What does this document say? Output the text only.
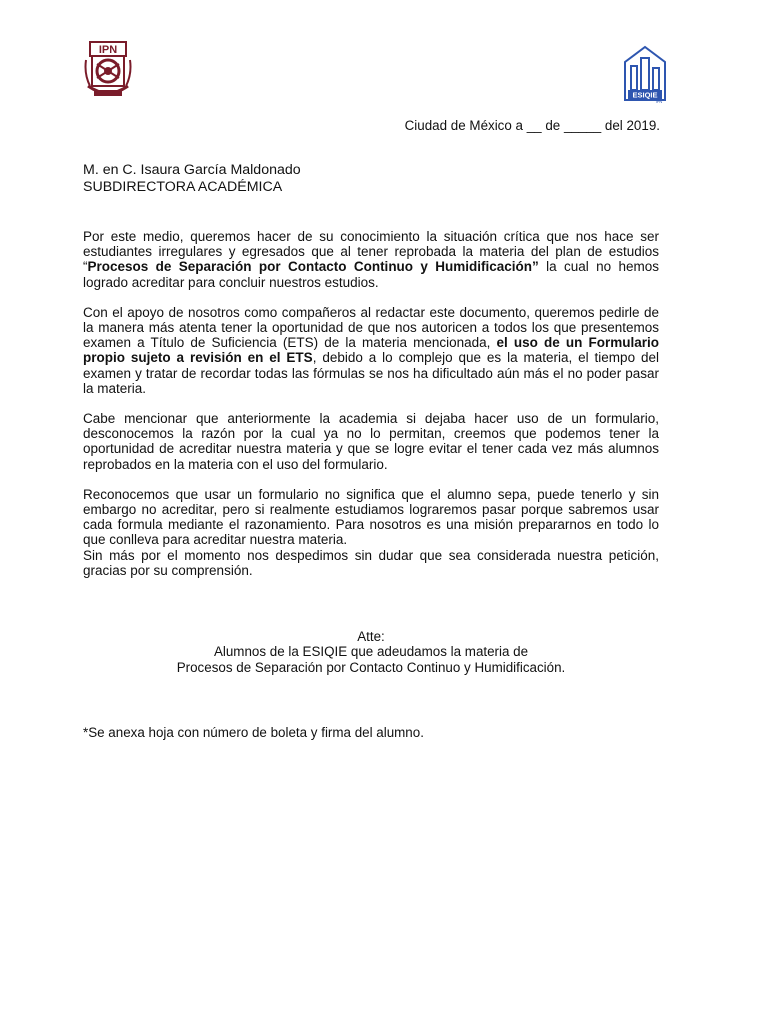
IPN
ESIQIE
IPN
Ciudad de México a __ de _____ del 2019.
M. en C. Isaura García Maldonado
SUBDIRECTORA ACADÉMICA

Por este medio, queremos hacer de su conocimiento la situación crítica que nos hace ser estudiantes irregulares y egresados que al tener reprobada la materia del plan de estudios “Procesos de Separación por Contacto Continuo y Humidificación” la cual no hemos logrado acreditar para concluir nuestros estudios.

Con el apoyo de nosotros como compañeros al redactar este documento, queremos pedirle de la manera más atenta tener la oportunidad de que nos autoricen a todos los que presentemos examen a Título de Suficiencia (ETS) de la materia mencionada, el uso de un Formulario propio sujeto a revisión en el ETS, debido a lo complejo que es la materia, el tiempo del examen y tratar de recordar todas las fórmulas se nos ha dificultado aún más el no poder pasar la materia.

Cabe mencionar que anteriormente la academia si dejaba hacer uso de un formulario, desconocemos la razón por la cual ya no lo permitan, creemos que podemos tener la oportunidad de acreditar nuestra materia y que se logre evitar el tener cada vez más alumnos reprobados en la materia con el uso del formulario.

Reconocemos que usar un formulario no significa que el alumno sepa, puede tenerlo y sin embargo no acreditar, pero si realmente estudiamos lograremos pasar porque sabremos usar cada formula mediante el razonamiento. Para nosotros es una misión prepararnos en todo lo que conlleva para acreditar nuestra materia.

Sin más por el momento nos despedimos sin dudar que sea considerada nuestra petición, gracias por su comprensión.

Atte:
Alumnos de la ESIQIE que adeudamos la materia de
Procesos de Separación por Contacto Continuo y Humidificación.
*Se anexa hoja con número de boleta y firma del alumno.
